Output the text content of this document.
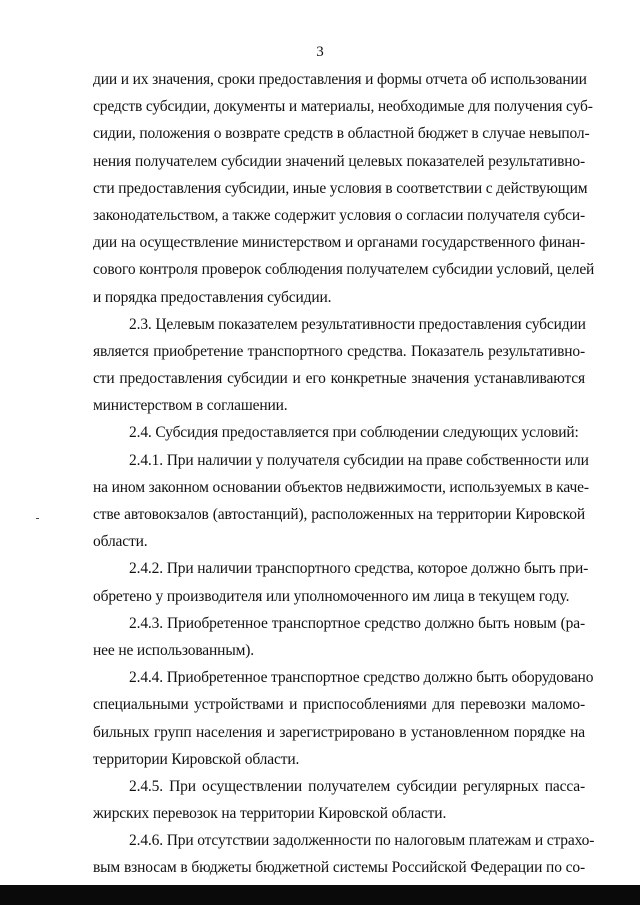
3
дии и их значения, сроки предоставления и формы отчета об использовании
средств субсидии, документы и материалы, необходимые для получения суб-
сидии, положения о возврате средств в областной бюджет в случае невыпол-
нения получателем субсидии значений целевых показателей результативно-
сти предоставления субсидии, иные условия в соответствии с действующим
законодательством, а также содержит условия о согласии получателя субси-
дии на осуществление министерством и органами государственного финан-
сового контроля проверок соблюдения получателем субсидии условий, целей
и порядка предоставления субсидии.
2.3. Целевым показателем результативности предоставления субсидии
является приобретение транспортного средства. Показатель результативно-
сти предоставления субсидии и его конкретные значения устанавливаются
министерством в соглашении.
2.4. Субсидия предоставляется при соблюдении следующих условий:
2.4.1. При наличии у получателя субсидии на праве собственности или
на ином законном основании объектов недвижимости, используемых в каче-
стве автовокзалов (автостанций), расположенных на территории Кировской
области.
2.4.2. При наличии транспортного средства, которое должно быть при-
обретено у производителя или уполномоченного им лица в текущем году.
2.4.3. Приобретенное транспортное средство должно быть новым (ра-
нее не использованным).
2.4.4. Приобретенное транспортное средство должно быть оборудовано
специальными устройствами и приспособлениями для перевозки маломо-
бильных групп населения и зарегистрировано в установленном порядке на
территории Кировской области.
2.4.5. При осуществлении получателем субсидии регулярных пасса-
жирских перевозок на территории Кировской области.
2.4.6. При отсутствии задолженности по налоговым платежам и страхо-
вым взносам в бюджеты бюджетной системы Российской Федерации по со-
